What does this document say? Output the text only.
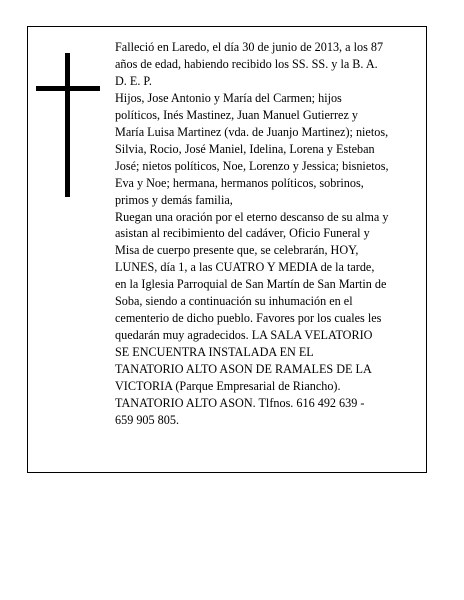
Falleció en Laredo, el día 30 de junio de 2013, a los 87

años de edad, habiendo recibido los SS. SS. y la B. A.

D. E. P.

Hijos, Jose Antonio y María del Carmen; hijos

políticos, Inés Mastinez, Juan Manuel Gutierrez y

María Luisa Martinez (vda. de Juanjo Martinez); nietos,

Silvia, Rocio, José Maniel, Idelina, Lorena y Esteban

José; nietos políticos, Noe, Lorenzo y Jessica; bisnietos,

Eva y Noe; hermana, hermanos políticos, sobrinos,

primos y demás familia,

Ruegan una oración por el eterno descanso de su alma y

asistan al recibimiento del cadáver, Oficio Funeral y

Misa de cuerpo presente que, se celebrarán, HOY,

LUNES, día 1, a las CUATRO Y MEDIA de la tarde,

en la Iglesia Parroquial de San Martín de San Martin de

Soba, siendo a continuación su inhumación en el

cementerio de dicho pueblo. Favores por los cuales les

quedarán muy agradecidos. LA SALA VELATORIO

SE ENCUENTRA INSTALADA EN EL

TANATORIO ALTO ASON DE RAMALES DE LA

VICTORIA (Parque Empresarial de Riancho).

TANATORIO ALTO ASON. Tlfnos. 616 492 639 -

659 905 805.
